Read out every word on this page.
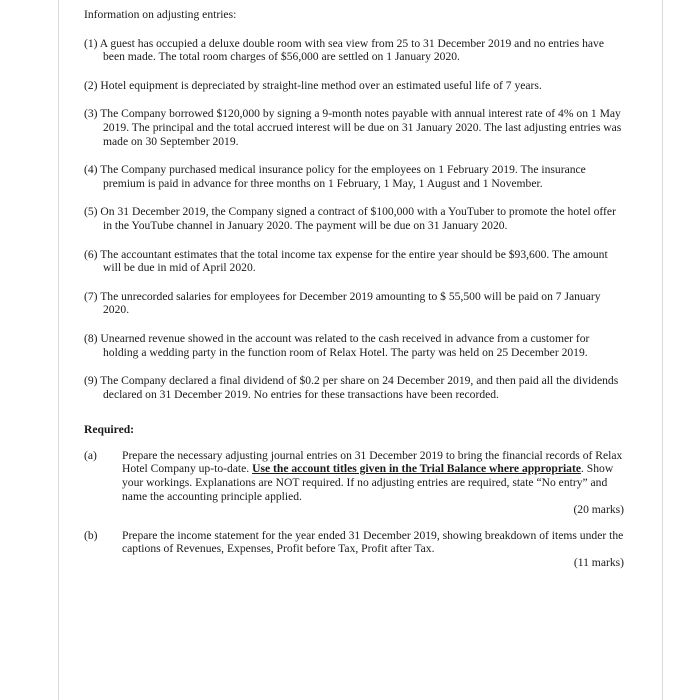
Information on adjusting entries:
(1) A guest has occupied a deluxe double room with sea view from 25 to 31 December 2019 and no entries have been made. The total room charges of $56,000 are settled on 1 January 2020.
(2) Hotel equipment is depreciated by straight-line method over an estimated useful life of 7 years.
(3) The Company borrowed $120,000 by signing a 9-month notes payable with annual interest rate of 4% on 1 May 2019. The principal and the total accrued interest will be due on 31 January 2020. The last adjusting entries was made on 30 September 2019.
(4) The Company purchased medical insurance policy for the employees on 1 February 2019. The insurance premium is paid in advance for three months on 1 February, 1 May, 1 August and 1 November.
(5) On 31 December 2019, the Company signed a contract of $100,000 with a YouTuber to promote the hotel offer in the YouTube channel in January 2020. The payment will be due on 31 January 2020.
(6) The accountant estimates that the total income tax expense for the entire year should be $93,600. The amount will be due in mid of April 2020.
(7) The unrecorded salaries for employees for December 2019 amounting to $ 55,500 will be paid on 7 January 2020.
(8) Unearned revenue showed in the account was related to the cash received in advance from a customer for holding a wedding party in the function room of Relax Hotel. The party was held on 25 December 2019.
(9) The Company declared a final dividend of $0.2 per share on 24 December 2019, and then paid all the dividends declared on 31 December 2019. No entries for these transactions have been recorded.
Required:
(a) Prepare the necessary adjusting journal entries on 31 December 2019 to bring the financial records of Relax Hotel Company up-to-date. Use the account titles given in the Trial Balance where appropriate. Show your workings. Explanations are NOT required. If no adjusting entries are required, state “No entry” and name the accounting principle applied.
(20 marks)
(b) Prepare the income statement for the year ended 31 December 2019, showing breakdown of items under the captions of Revenues, Expenses, Profit before Tax, Profit after Tax.
(11 marks)
